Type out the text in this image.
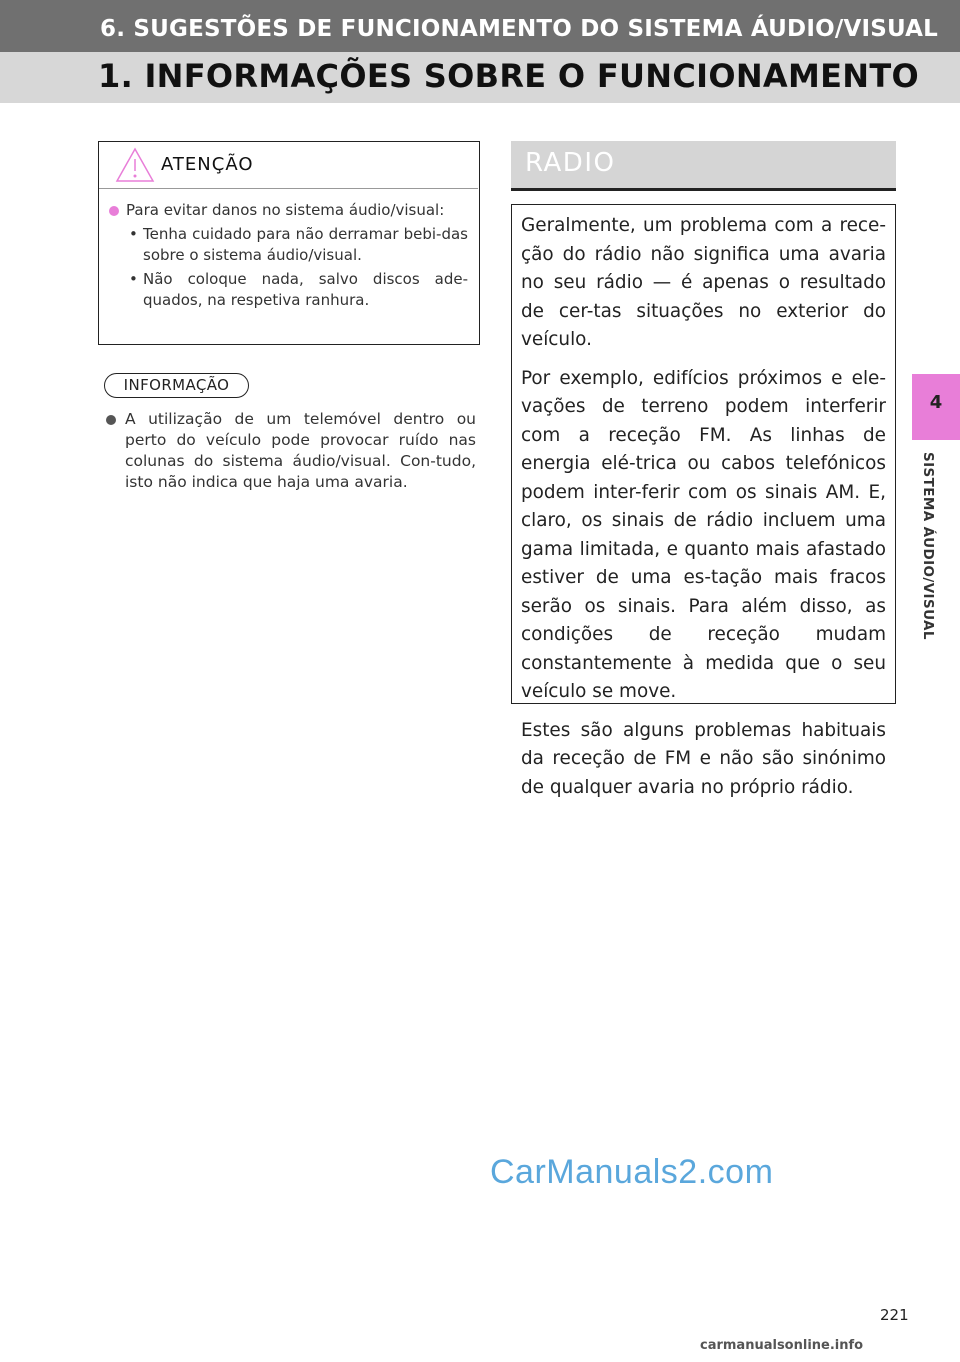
6. SUGESTÕES DE FUNCIONAMENTO DO SISTEMA ÁUDIO/VISUAL
1. INFORMAÇÕES SOBRE O FUNCIONAMENTO
4
SISTEMA ÁUDIO/VISUAL
ATENÇÃO
Para evitar danos no sistema áudio/visual:
• Tenha cuidado para não derramar bebi-das sobre o sistema áudio/visual.
• Não coloque nada, salvo discos ade-quados, na respetiva ranhura.
INFORMAÇÃO
A utilização de um telemóvel dentro ou perto do veículo pode provocar ruído nas colunas do sistema áudio/visual. Con-tudo, isto não indica que haja uma avaria.
RADIO

Geralmente, um problema com a rece-ção do rádio não significa uma avaria no seu rádio — é apenas o resultado de cer-tas situações no exterior do veículo.

Por exemplo, edifícios próximos e ele-vações de terreno podem interferir com a receção FM. As linhas de energia elé-trica ou cabos telefónicos podem inter-ferir com os sinais AM. E, claro, os sinais de rádio incluem uma gama limitada, e quanto mais afastado estiver de uma es-tação mais fracos serão os sinais. Para além disso, as condições de receção mudam constantemente à medida que o seu veículo se move.

Estes são alguns problemas habituais da receção de FM e não são sinónimo de qualquer avaria no próprio rádio.

CarManuals2.com
221
carmanualsonline.info
